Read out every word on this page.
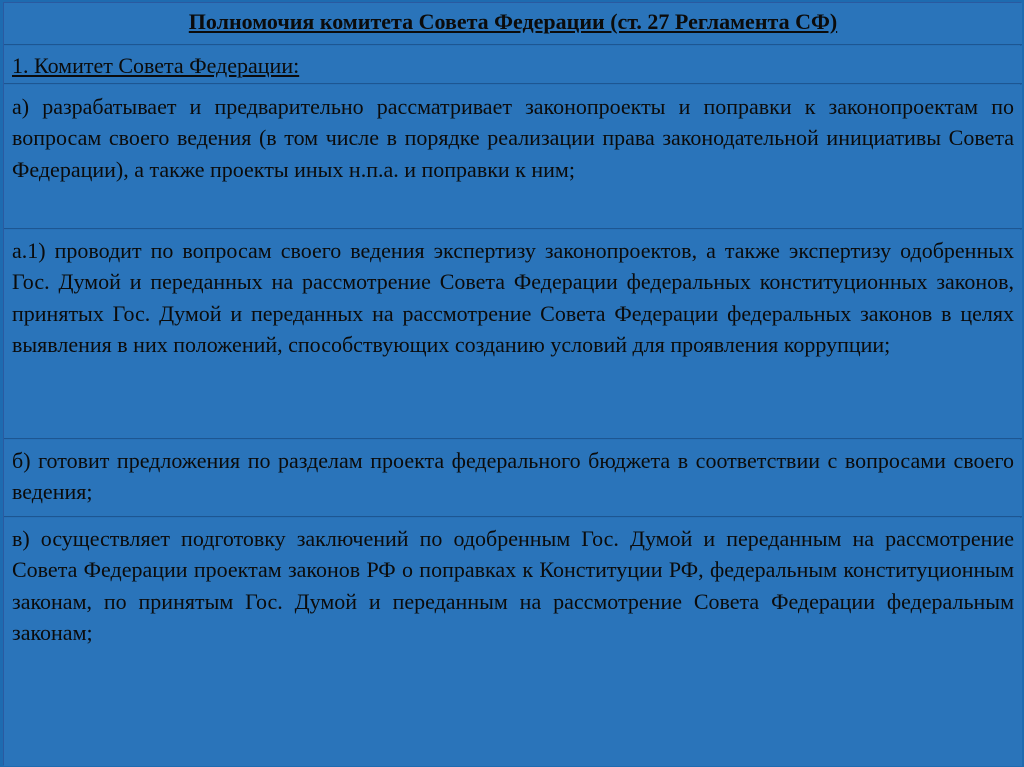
Полномочия комитета Совета Федерации (ст. 27 Регламента СФ)
1. Комитет Совета Федерации:

а) разрабатывает и предварительно рассматривает законопроекты и поправки к законопроектам по вопросам своего ведения (в том числе в порядке реализации права законодательной инициативы Совета Федерации), а также проекты иных н.п.а. и поправки к ним;

а.1) проводит по вопросам своего ведения экспертизу законопроектов, а также экспертизу одобренных Гос. Думой и переданных на рассмотрение Совета Федерации федеральных конституционных законов, принятых Гос. Думой и переданных на рассмотрение Совета Федерации федеральных законов в целях выявления в них положений, способствующих созданию условий для проявления коррупции;

б) готовит предложения по разделам проекта федерального бюджета в соответствии с вопросами своего ведения;

в) осуществляет подготовку заключений по одобренным Гос. Думой и переданным на рассмотрение Совета Федерации проектам законов РФ о поправках к Конституции РФ, федеральным конституционным законам, по принятым Гос. Думой и переданным на рассмотрение Совета Федерации федеральным законам;
